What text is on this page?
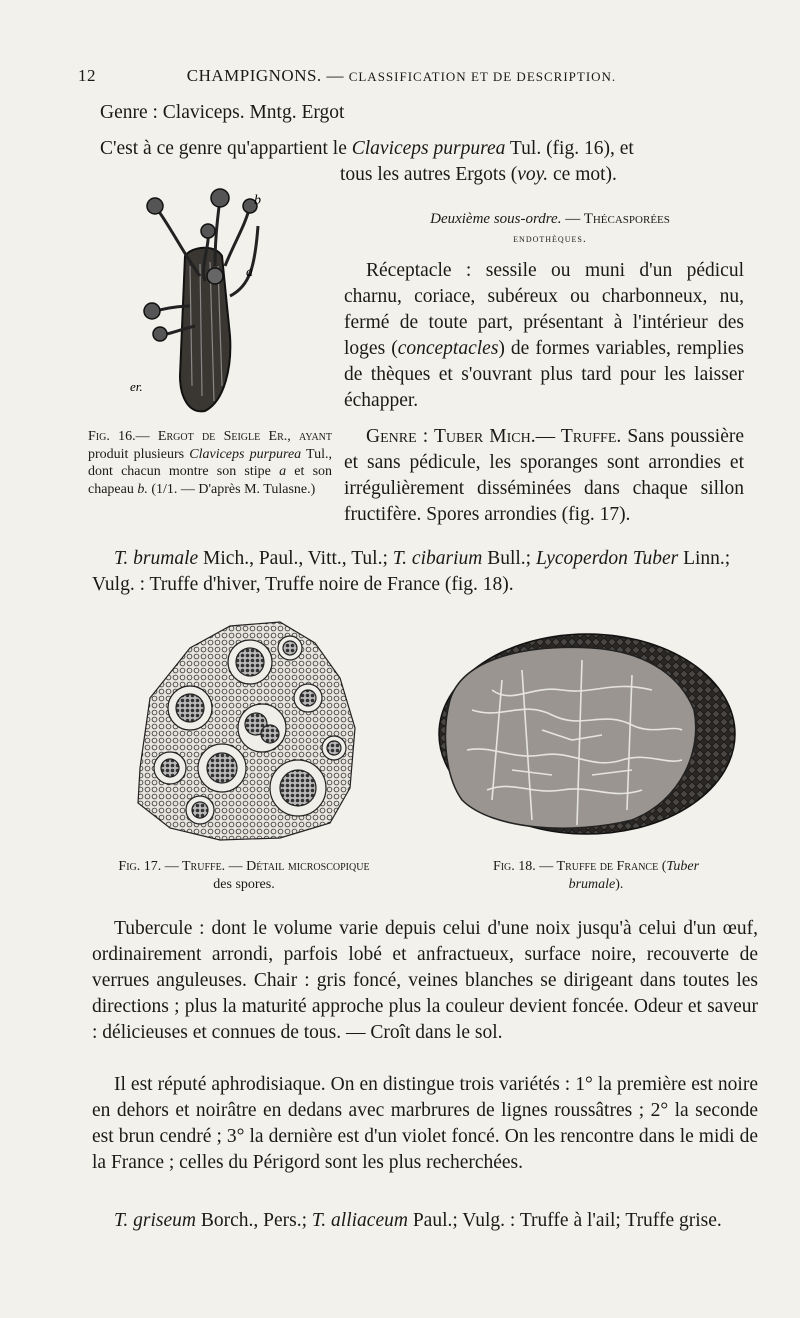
12	CHAMPIGNONS. — CLASSIFICATION ET DE DESCRIPTION.
Genre : Claviceps. Mntg. Ergot
C'est à ce genre qu'appartient le Claviceps purpurea Tul. (fig. 16), et
tous les autres Ergots (voy. ce mot).
b
a
er.
Fig. 16.— Ergot de Seigle Er., ayant produit plusieurs Claviceps purpurea Tul., dont chacun montre son stipe a et son chapeau b. (1/1. — D'après M. Tulasne.)
Deuxième sous-ordre. — Thécasporées
endothèques.
Réceptacle : sessile ou muni d'un pédicul charnu, coriace, subéreux ou charbonneux, nu, fermé de toute part, présentant à l'intérieur des loges (conceptacles) de formes variables, remplies de thèques et s'ouvrant plus tard pour les laisser échapper.
Genre : Tuber Mich.— Truffe. Sans poussière et sans pédicule, les sporanges sont arrondies et irrégulièrement disséminées dans chaque sillon fructifère. Spores arrondies (fig. 17).
T. brumale Mich., Paul., Vitt., Tul.; T. cibarium Bull.; Lycoperdon Tuber Linn.; Vulg. : Truffe d'hiver, Truffe noire de France (fig. 18).
Fig. 17. — Truffe. — Détail microscopique
des spores.
Fig. 18. — Truffe de France (Tuber
brumale).
Tubercule : dont le volume varie depuis celui d'une noix jusqu'à celui d'un œuf, ordinairement arrondi, parfois lobé et anfractueux, surface noire, recouverte de verrues anguleuses. Chair : gris foncé, veines blanches se dirigeant dans toutes les directions ; plus la maturité approche plus la couleur devient foncée. Odeur et saveur : délicieuses et connues de tous. — Croît dans le sol.
Il est réputé aphrodisiaque. On en distingue trois variétés : 1° la première est noire en dehors et noirâtre en dedans avec marbrures de lignes roussâtres ; 2° la seconde est brun cendré ; 3° la dernière est d'un violet foncé. On les rencontre dans le midi de la France ; celles du Périgord sont les plus recherchées.
T. griseum Borch., Pers.; T. alliaceum Paul.; Vulg. : Truffe à l'ail; Truffe grise.
